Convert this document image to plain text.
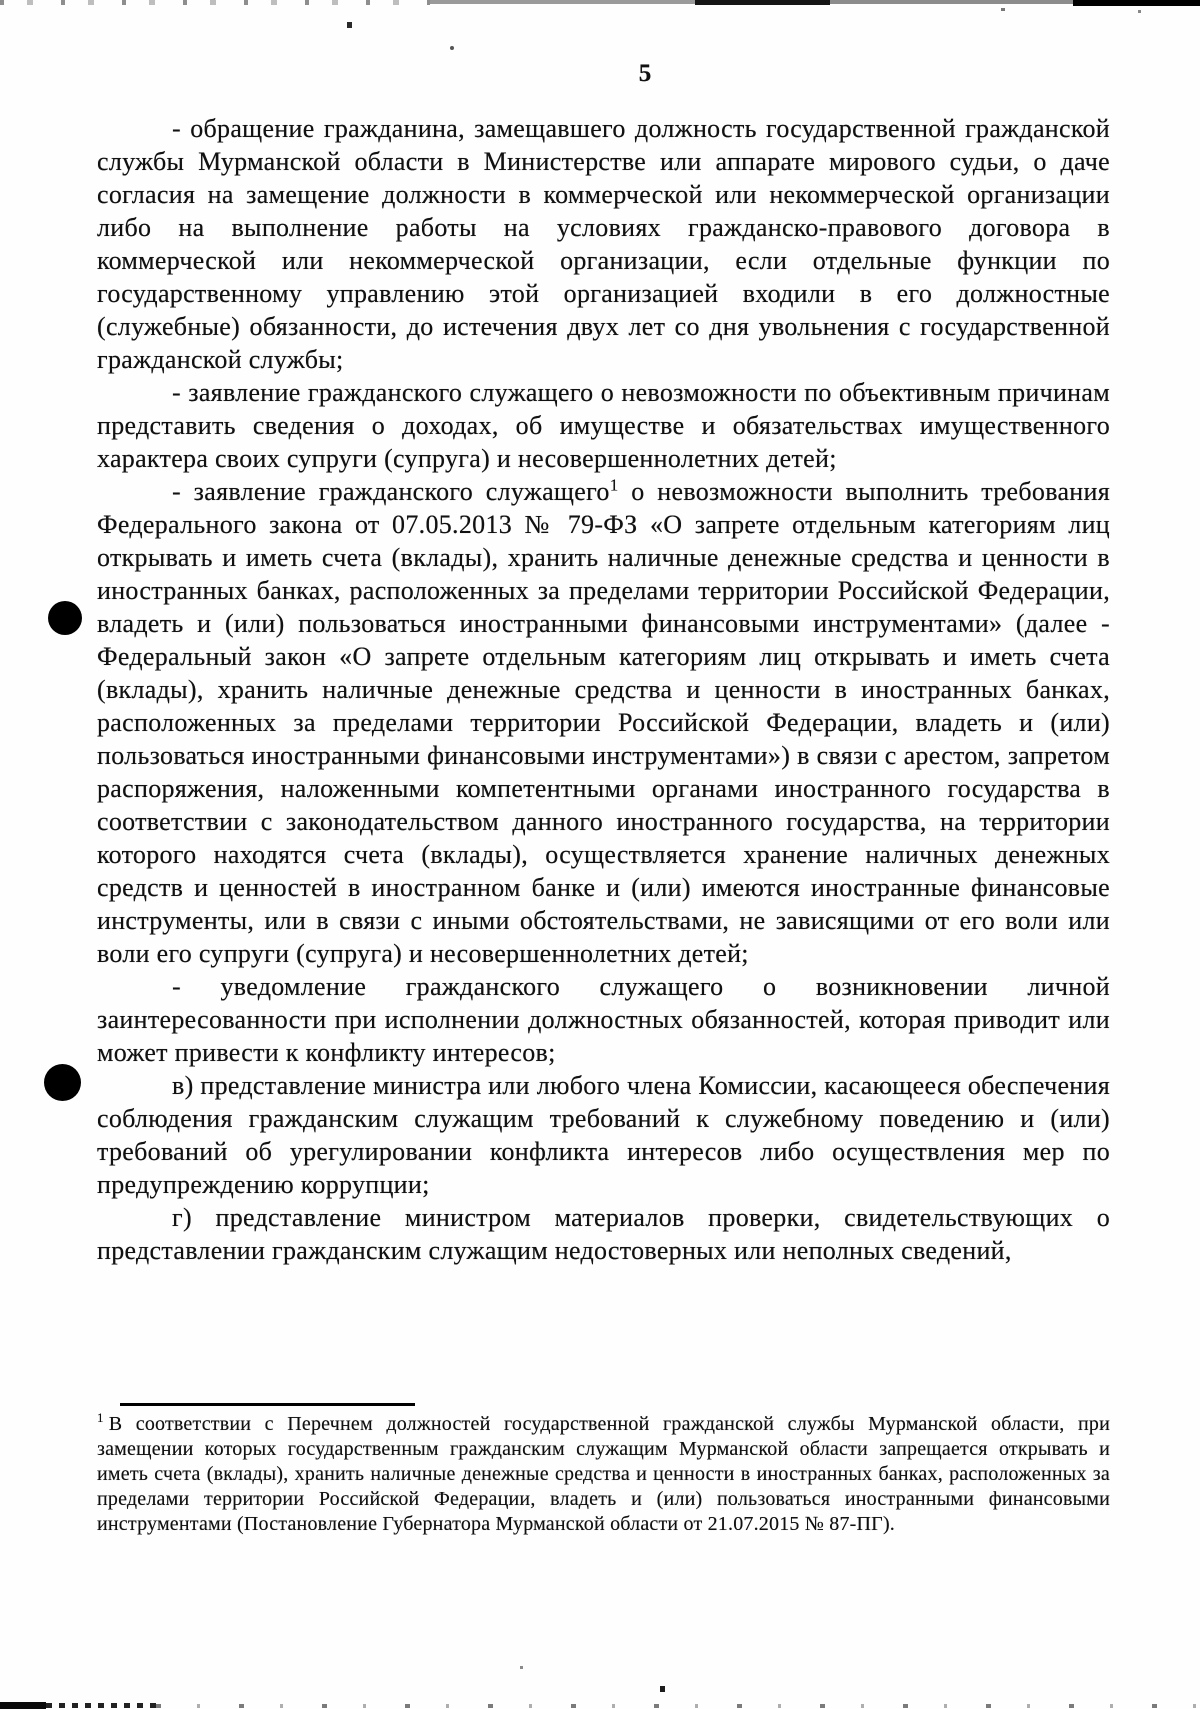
5

- обращение гражданина, замещавшего должность государственной гражданской службы Мурманской области в Министерстве или аппарате мирового судьи, о даче согласия на замещение должности в коммерческой или некоммерческой организации либо на выполнение работы на условиях гражданско-правового договора в коммерческой или некоммерческой организации, если отдельные функции по государственному управлению этой организацией входили в его должностные (служебные) обязанности, до истечения двух лет со дня увольнения с государственной гражданской службы;

- заявление гражданского служащего о невозможности по объективным причинам представить сведения о доходах, об имуществе и обязательствах имущественного характера своих супруги (супруга) и несовершеннолетних детей;

- заявление гражданского служащего$^1$ о невозможности выполнить требования Федерального закона от 07.05.2013 № 79-ФЗ «О запрете отдельным категориям лиц открывать и иметь счета (вклады), хранить наличные денежные средства и ценности в иностранных банках, расположенных за пределами территории Российской Федерации, владеть и (или) пользоваться иностранными финансовыми инструментами» (далее - Федеральный закон «О запрете отдельным категориям лиц открывать и иметь счета (вклады), хранить наличные денежные средства и ценности в иностранных банках, расположенных за пределами территории Российской Федерации, владеть и (или) пользоваться иностранными финансовыми инструментами») в связи с арестом, запретом распоряжения, наложенными компетентными органами иностранного государства в соответствии с законодательством данного иностранного государства, на территории которого находятся счета (вклады), осуществляется хранение наличных денежных средств и ценностей в иностранном банке и (или) имеются иностранные финансовые инструменты, или в связи с иными обстоятельствами, не зависящими от его воли или воли его супруги (супруга) и несовершеннолетних детей;

- уведомление гражданского служащего о возникновении личной заинтересованности при исполнении должностных обязанностей, которая приводит или может привести к конфликту интересов;

в) представление министра или любого члена Комиссии, касающееся обеспечения соблюдения гражданским служащим требований к служебному поведению и (или) требований об урегулировании конфликта интересов либо осуществления мер по предупреждению коррупции;

г) представление министром материалов проверки, свидетельствующих о представлении гражданским служащим недостоверных или неполных сведений,

$^1$ В соответствии с Перечнем должностей государственной гражданской службы Мурманской области, при замещении которых государственным гражданским служащим Мурманской области запрещается открывать и иметь счета (вклады), хранить наличные денежные средства и ценности в иностранных банках, расположенных за пределами территории Российской Федерации, владеть и (или) пользоваться иностранными финансовыми инструментами (Постановление Губернатора Мурманской области от 21.07.2015 № 87-ПГ).
